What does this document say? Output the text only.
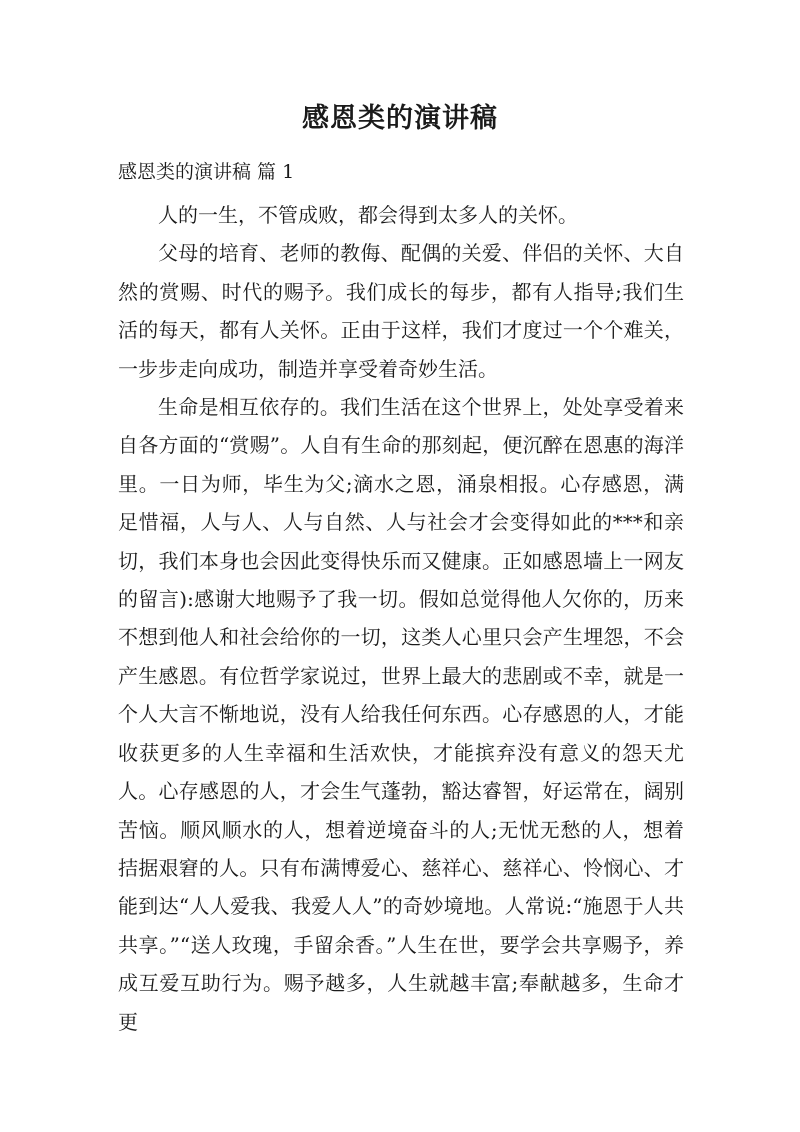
感恩类的演讲稿
感恩类的演讲稿 篇 1

人的一生，不管成败，都会得到太多人的关怀。

父母的培育、老师的教侮、配偶的关爱、伴侣的关怀、大自然的赏赐、时代的赐予。我们成长的每步，都有人指导;我们生活的每天，都有人关怀。正由于这样，我们才度过一个个难关，一步步走向成功，制造并享受着奇妙生活。

生命是相互依存的。我们生活在这个世界上，处处享受着来自各方面的“赏赐”。人自有生命的那刻起，便沉醉在恩惠的海洋里。一日为师，毕生为父;滴水之恩，涌泉相报。心存感恩，满足惜福，人与人、人与自然、人与社会才会变得如此的***和亲切，我们本身也会因此变得快乐而又健康。正如感恩墙上一网友的留言):感谢大地赐予了我一切。假如总觉得他人欠你的，历来不想到他人和社会给你的一切，这类人心里只会产生埋怨，不会产生感恩。有位哲学家说过，世界上最大的悲剧或不幸，就是一个人大言不惭地说，没有人给我任何东西。心存感恩的人，才能收获更多的人生幸福和生活欢快，才能摈弃没有意义的怨天尤人。心存感恩的人，才会生气蓬勃，豁达睿智，好运常在，阔别苦恼。顺风顺水的人，想着逆境奋斗的人;无忧无愁的人，想着拮据艰窘的人。只有布满博爱心、慈祥心、慈祥心、怜悯心、才能到达“人人爱我、我爱人人”的奇妙境地。人常说:“施恩于人共共享。”“送人玫瑰，手留余香。”人生在世，要学会共享赐予，养成互爱互助行为。赐予越多，人生就越丰富;奉献越多，生命才更
